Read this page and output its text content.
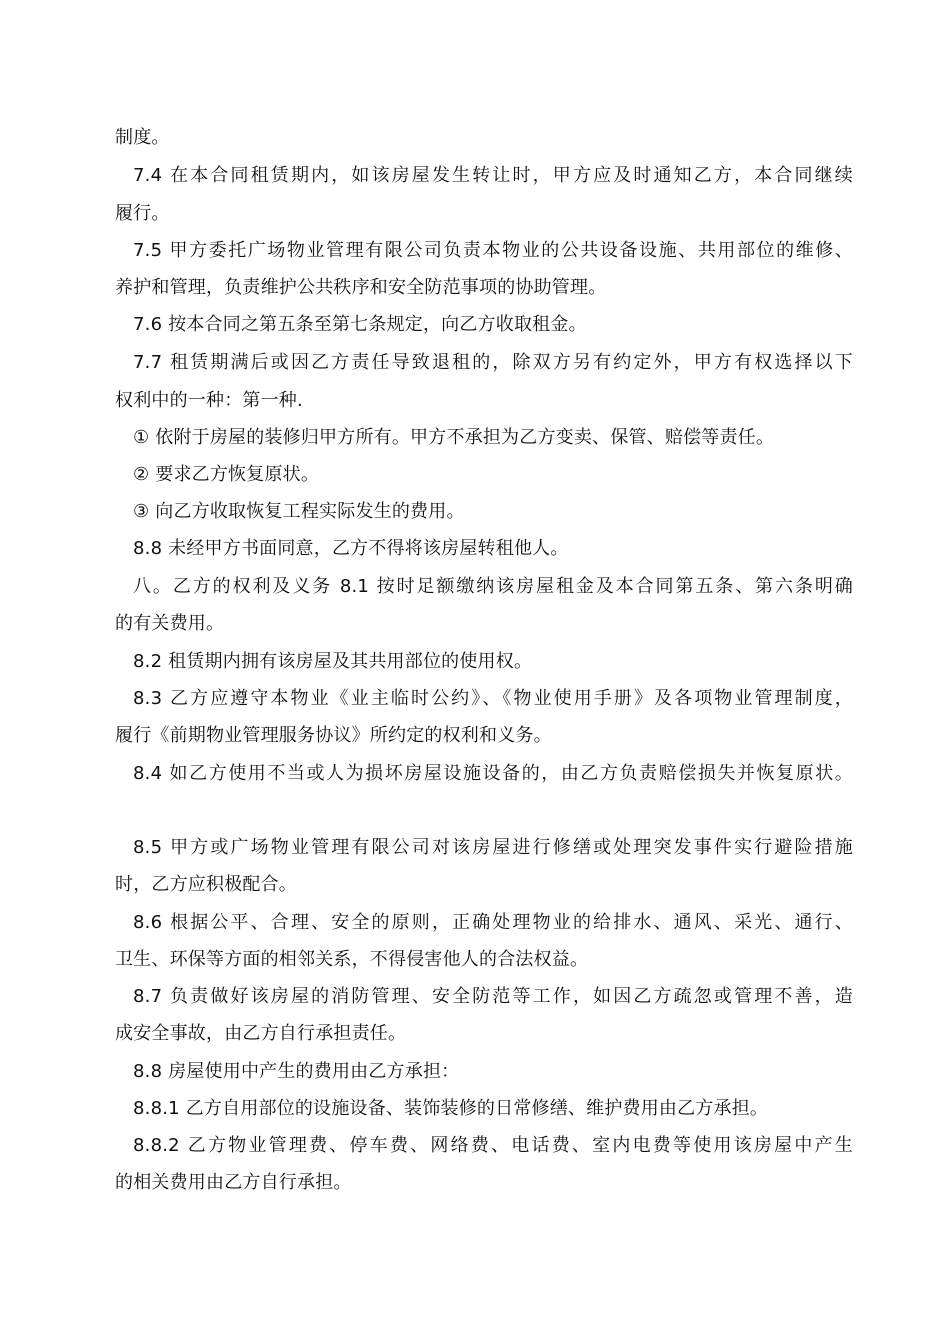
制度。
7.4 在本合同租赁期内，如该房屋发生转让时，甲方应及时通知乙方，本合同继续
履行。
7.5 甲方委托广场物业管理有限公司负责本物业的公共设备设施、共用部位的维修、
养护和管理，负责维护公共秩序和安全防范事项的协助管理。
7.6 按本合同之第五条至第七条规定，向乙方收取租金。
7.7 租赁期满后或因乙方责任导致退租的，除双方另有约定外，甲方有权选择以下
权利中的一种：第一种.
① 依附于房屋的装修归甲方所有。甲方不承担为乙方变卖、保管、赔偿等责任。
② 要求乙方恢复原状。
③ 向乙方收取恢复工程实际发生的费用。
8.8 未经甲方书面同意，乙方不得将该房屋转租他人。
八。乙方的权利及义务 8.1 按时足额缴纳该房屋租金及本合同第五条、第六条明确
的有关费用。
8.2 租赁期内拥有该房屋及其共用部位的使用权。
8.3 乙方应遵守本物业《业主临时公约》、《物业使用手册》及各项物业管理制度，
履行《前期物业管理服务协议》所约定的权利和义务。
8.4 如乙方使用不当或人为损坏房屋设施设备的，由乙方负责赔偿损失并恢复原状。
8.5 甲方或广场物业管理有限公司对该房屋进行修缮或处理突发事件实行避险措施
时，乙方应积极配合。
8.6 根据公平、合理、安全的原则，正确处理物业的给排水、通风、采光、通行、
卫生、环保等方面的相邻关系，不得侵害他人的合法权益。
8.7 负责做好该房屋的消防管理、安全防范等工作，如因乙方疏忽或管理不善，造
成安全事故，由乙方自行承担责任。
8.8 房屋使用中产生的费用由乙方承担：
8.8.1 乙方自用部位的设施设备、装饰装修的日常修缮、维护费用由乙方承担。
8.8.2 乙方物业管理费、停车费、网络费、电话费、室内电费等使用该房屋中产生
的相关费用由乙方自行承担。
